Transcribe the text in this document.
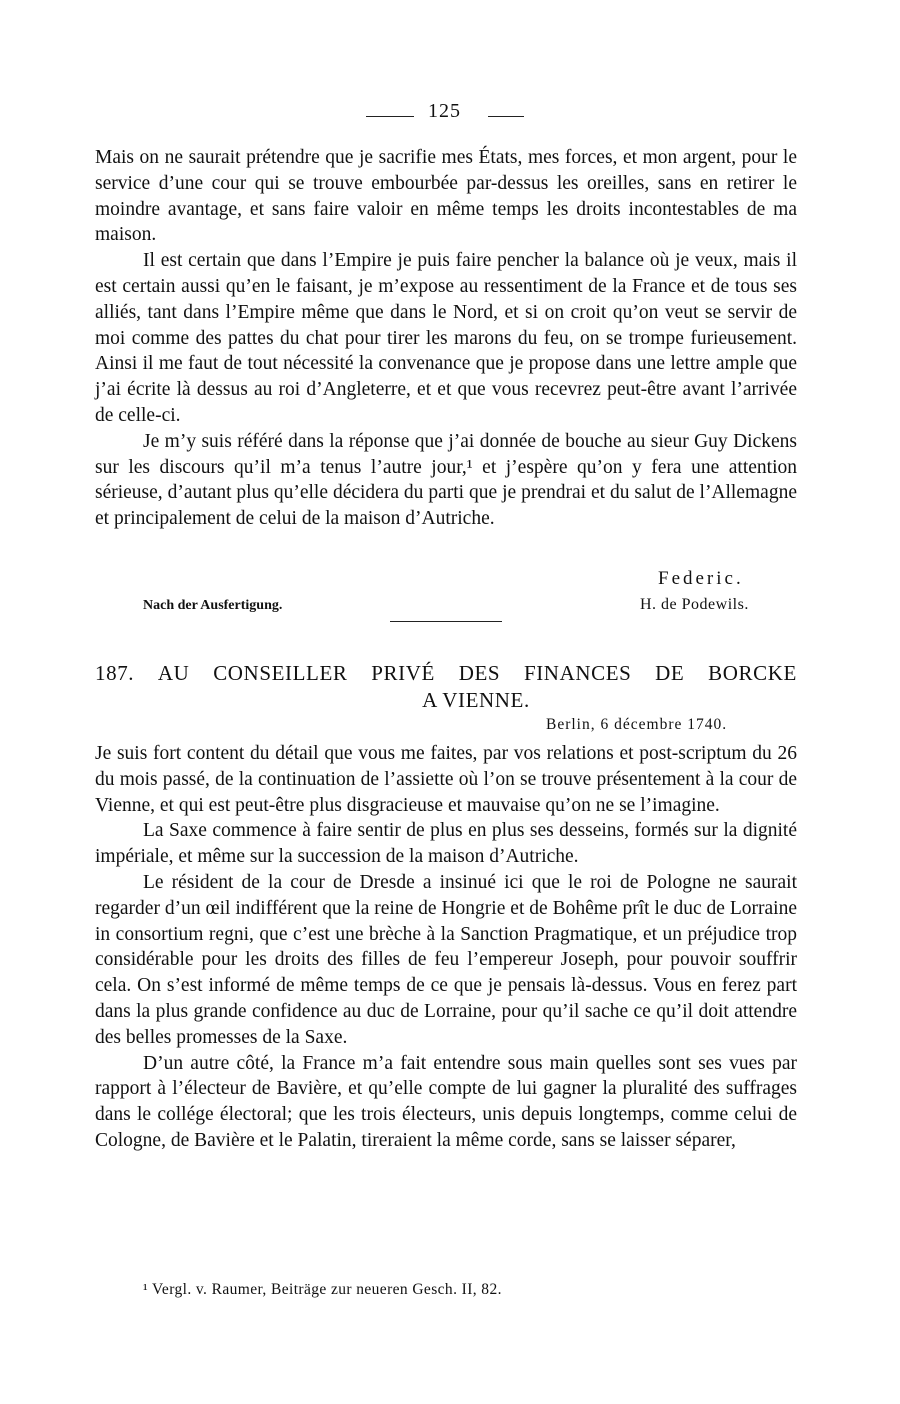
125

Mais on ne saurait prétendre que je sacrifie mes États, mes forces, et mon argent, pour le service d’une cour qui se trouve embourbée par-dessus les oreilles, sans en retirer le moindre avantage, et sans faire valoir en même temps les droits incontestables de ma maison.

Il est certain que dans l’Empire je puis faire pencher la balance où je veux, mais il est certain aussi qu’en le faisant, je m’expose au ressentiment de la France et de tous ses alliés, tant dans l’Empire même que dans le Nord, et si on croit qu’on veut se servir de moi comme des pattes du chat pour tirer les marons du feu, on se trompe furieusement. Ainsi il me faut de tout nécessité la convenance que je propose dans une lettre ample que j’ai écrite là dessus au roi d’Angleterre, et et que vous recevrez peut-être avant l’arrivée de celle-ci.

Je m’y suis référé dans la réponse que j’ai donnée de bouche au sieur Guy Dickens sur les discours qu’il m’a tenus l’autre jour,¹ et j’espère qu’on y fera une attention sérieuse, d’autant plus qu’elle décidera du parti que je prendrai et du salut de l’Allemagne et principalement de celui de la maison d’Autriche.

Federic.
Nach der Ausfertigung.	H. de Podewils.
187. AU CONSEILLER PRIVÉ DES FINANCES DE BORCKE
A VIENNE.
Berlin, 6 décembre 1740.

Je suis fort content du détail que vous me faites, par vos relations et post-scriptum du 26 du mois passé, de la continuation de l’assiette où l’on se trouve présentement à la cour de Vienne, et qui est peut-être plus disgracieuse et mauvaise qu’on ne se l’imagine.

La Saxe commence à faire sentir de plus en plus ses desseins, formés sur la dignité impériale, et même sur la succession de la maison d’Autriche.

Le résident de la cour de Dresde a insinué ici que le roi de Pologne ne saurait regarder d’un œil indifférent que la reine de Hongrie et de Bohême prît le duc de Lorraine in consortium regni, que c’est une brèche à la Sanction Pragmatique, et un préjudice trop considérable pour les droits des filles de feu l’empereur Joseph, pour pouvoir souffrir cela. On s’est informé de même temps de ce que je pensais là-dessus. Vous en ferez part dans la plus grande confidence au duc de Lorraine, pour qu’il sache ce qu’il doit attendre des belles promesses de la Saxe.

D’un autre côté, la France m’a fait entendre sous main quelles sont ses vues par rapport à l’électeur de Bavière, et qu’elle compte de lui gagner la pluralité des suffrages dans le collége électoral; que les trois électeurs, unis depuis longtemps, comme celui de Cologne, de Bavière et le Palatin, tireraient la même corde, sans se laisser séparer,

¹ Vergl. v. Raumer, Beiträge zur neueren Gesch. II, 82.
